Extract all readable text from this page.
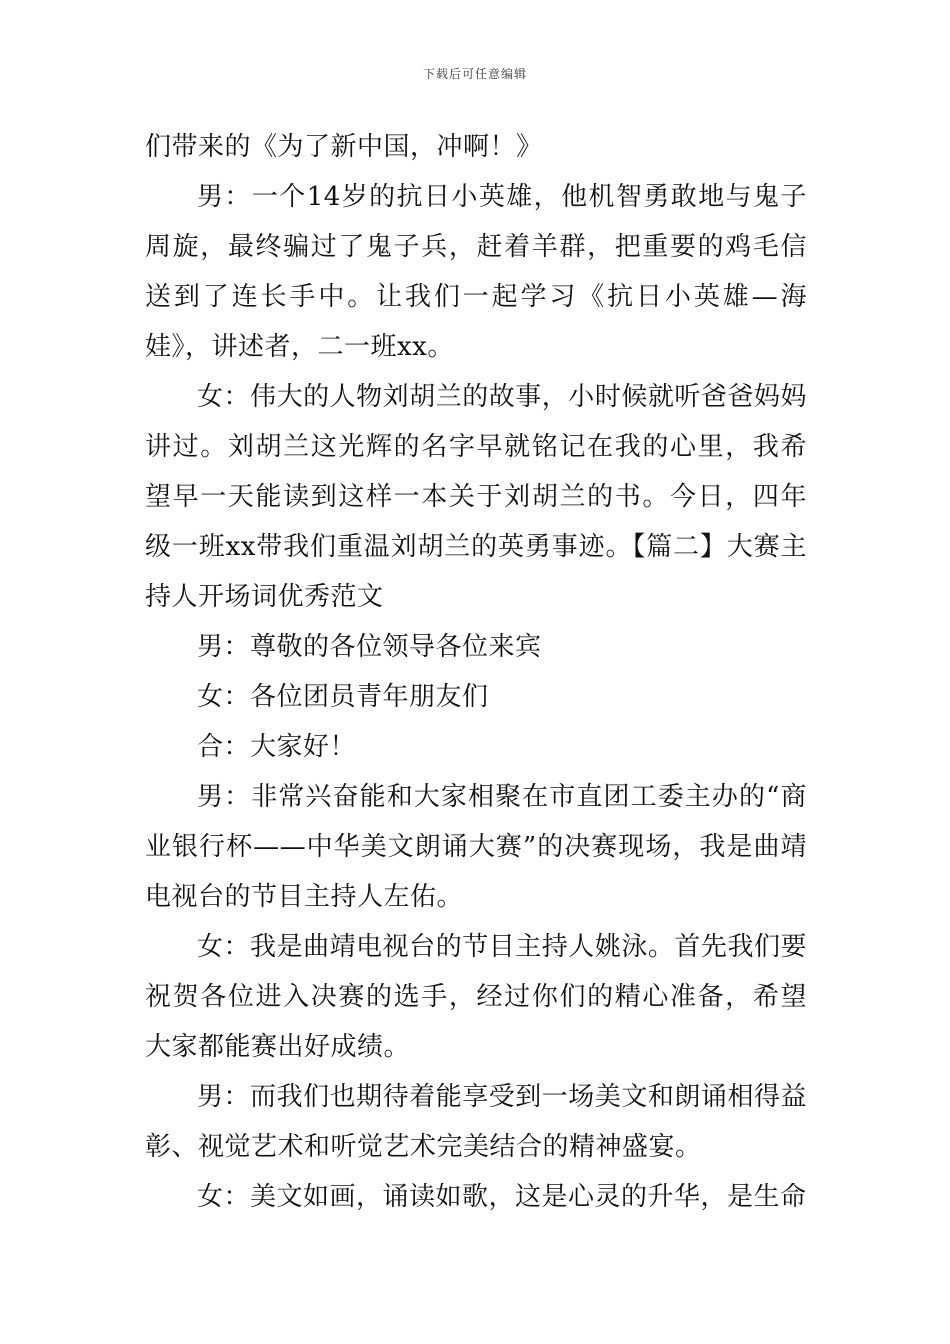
下载后可任意编辑

们带来的《为了新中国，冲啊！》

男：一个14岁的抗日小英雄，他机智勇敢地与鬼子周旋，最终骗过了鬼子兵，赶着羊群，把重要的鸡毛信送到了连长手中。让我们一起学习《抗日小英雄—海娃》，讲述者，二一班xx。

女：伟大的人物刘胡兰的故事，小时候就听爸爸妈妈讲过。刘胡兰这光辉的名字早就铭记在我的心里，我希望早一天能读到这样一本关于刘胡兰的书。今日，四年级一班xx带我们重温刘胡兰的英勇事迹。【篇二】大赛主持人开场词优秀范文

男：尊敬的各位领导各位来宾

女：各位团员青年朋友们

合：大家好！

男：非常兴奋能和大家相聚在市直团工委主办的“商业银行杯——中华美文朗诵大赛”的决赛现场，我是曲靖电视台的节目主持人左佑。

女：我是曲靖电视台的节目主持人姚泳。首先我们要祝贺各位进入决赛的选手，经过你们的精心准备，希望大家都能赛出好成绩。

男：而我们也期待着能享受到一场美文和朗诵相得益彰、视觉艺术和听觉艺术完美结合的精神盛宴。

女：美文如画，诵读如歌，这是心灵的升华，是生命
